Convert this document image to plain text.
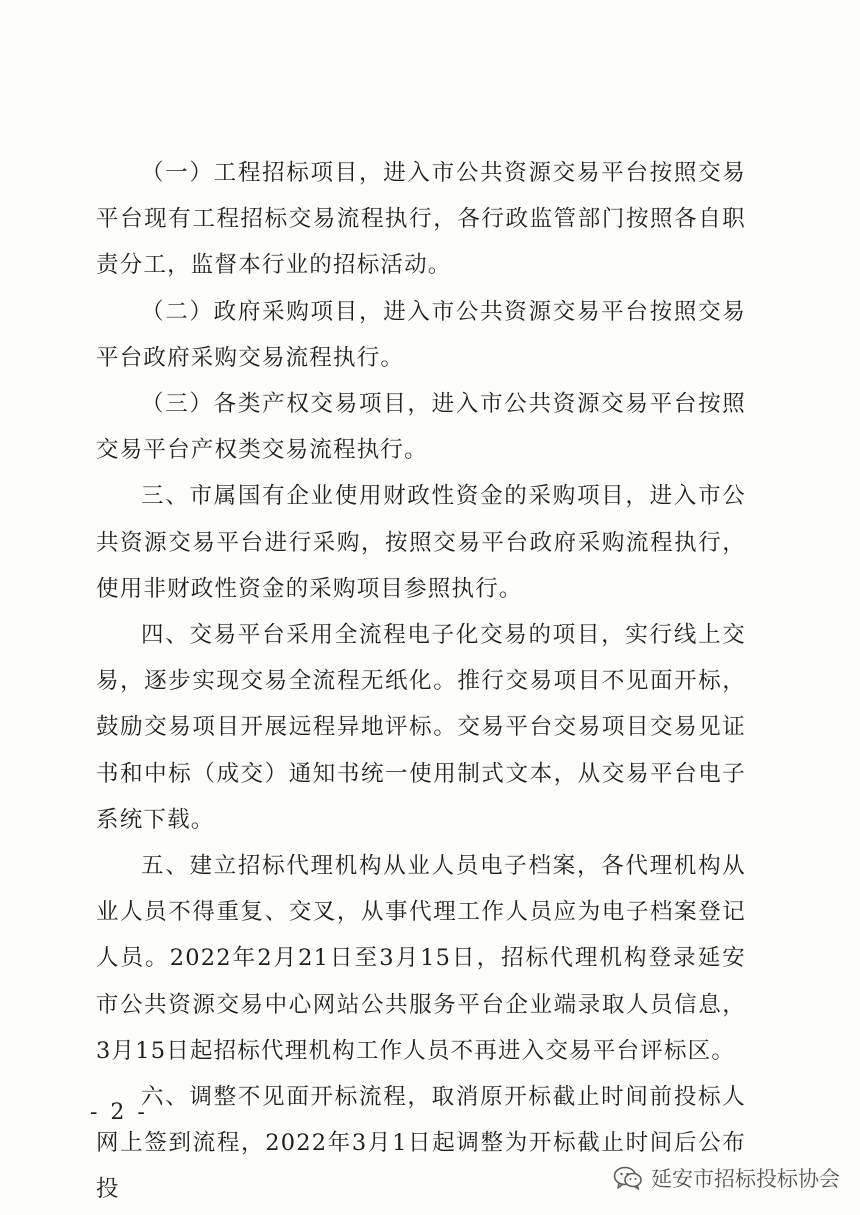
（一）工程招标项目，进入市公共资源交易平台按照交易平台现有工程招标交易流程执行，各行政监管部门按照各自职责分工，监督本行业的招标活动。

（二）政府采购项目，进入市公共资源交易平台按照交易平台政府采购交易流程执行。

（三）各类产权交易项目，进入市公共资源交易平台按照交易平台产权类交易流程执行。

三、市属国有企业使用财政性资金的采购项目，进入市公共资源交易平台进行采购，按照交易平台政府采购流程执行，使用非财政性资金的采购项目参照执行。

四、交易平台采用全流程电子化交易的项目，实行线上交易，逐步实现交易全流程无纸化。推行交易项目不见面开标，鼓励交易项目开展远程异地评标。交易平台交易项目交易见证书和中标（成交）通知书统一使用制式文本，从交易平台电子系统下载。

五、建立招标代理机构从业人员电子档案，各代理机构从业人员不得重复、交叉，从事代理工作人员应为电子档案登记人员。2022年2月21日至3月15日，招标代理机构登录延安市公共资源交易中心网站公共服务平台企业端录取人员信息，3月15日起招标代理机构工作人员不再进入交易平台评标区。

六、调整不见面开标流程，取消原开标截止时间前投标人网上签到流程，2022年3月1日起调整为开标截止时间后公布投

- 2 -
延安市招标投标协会
